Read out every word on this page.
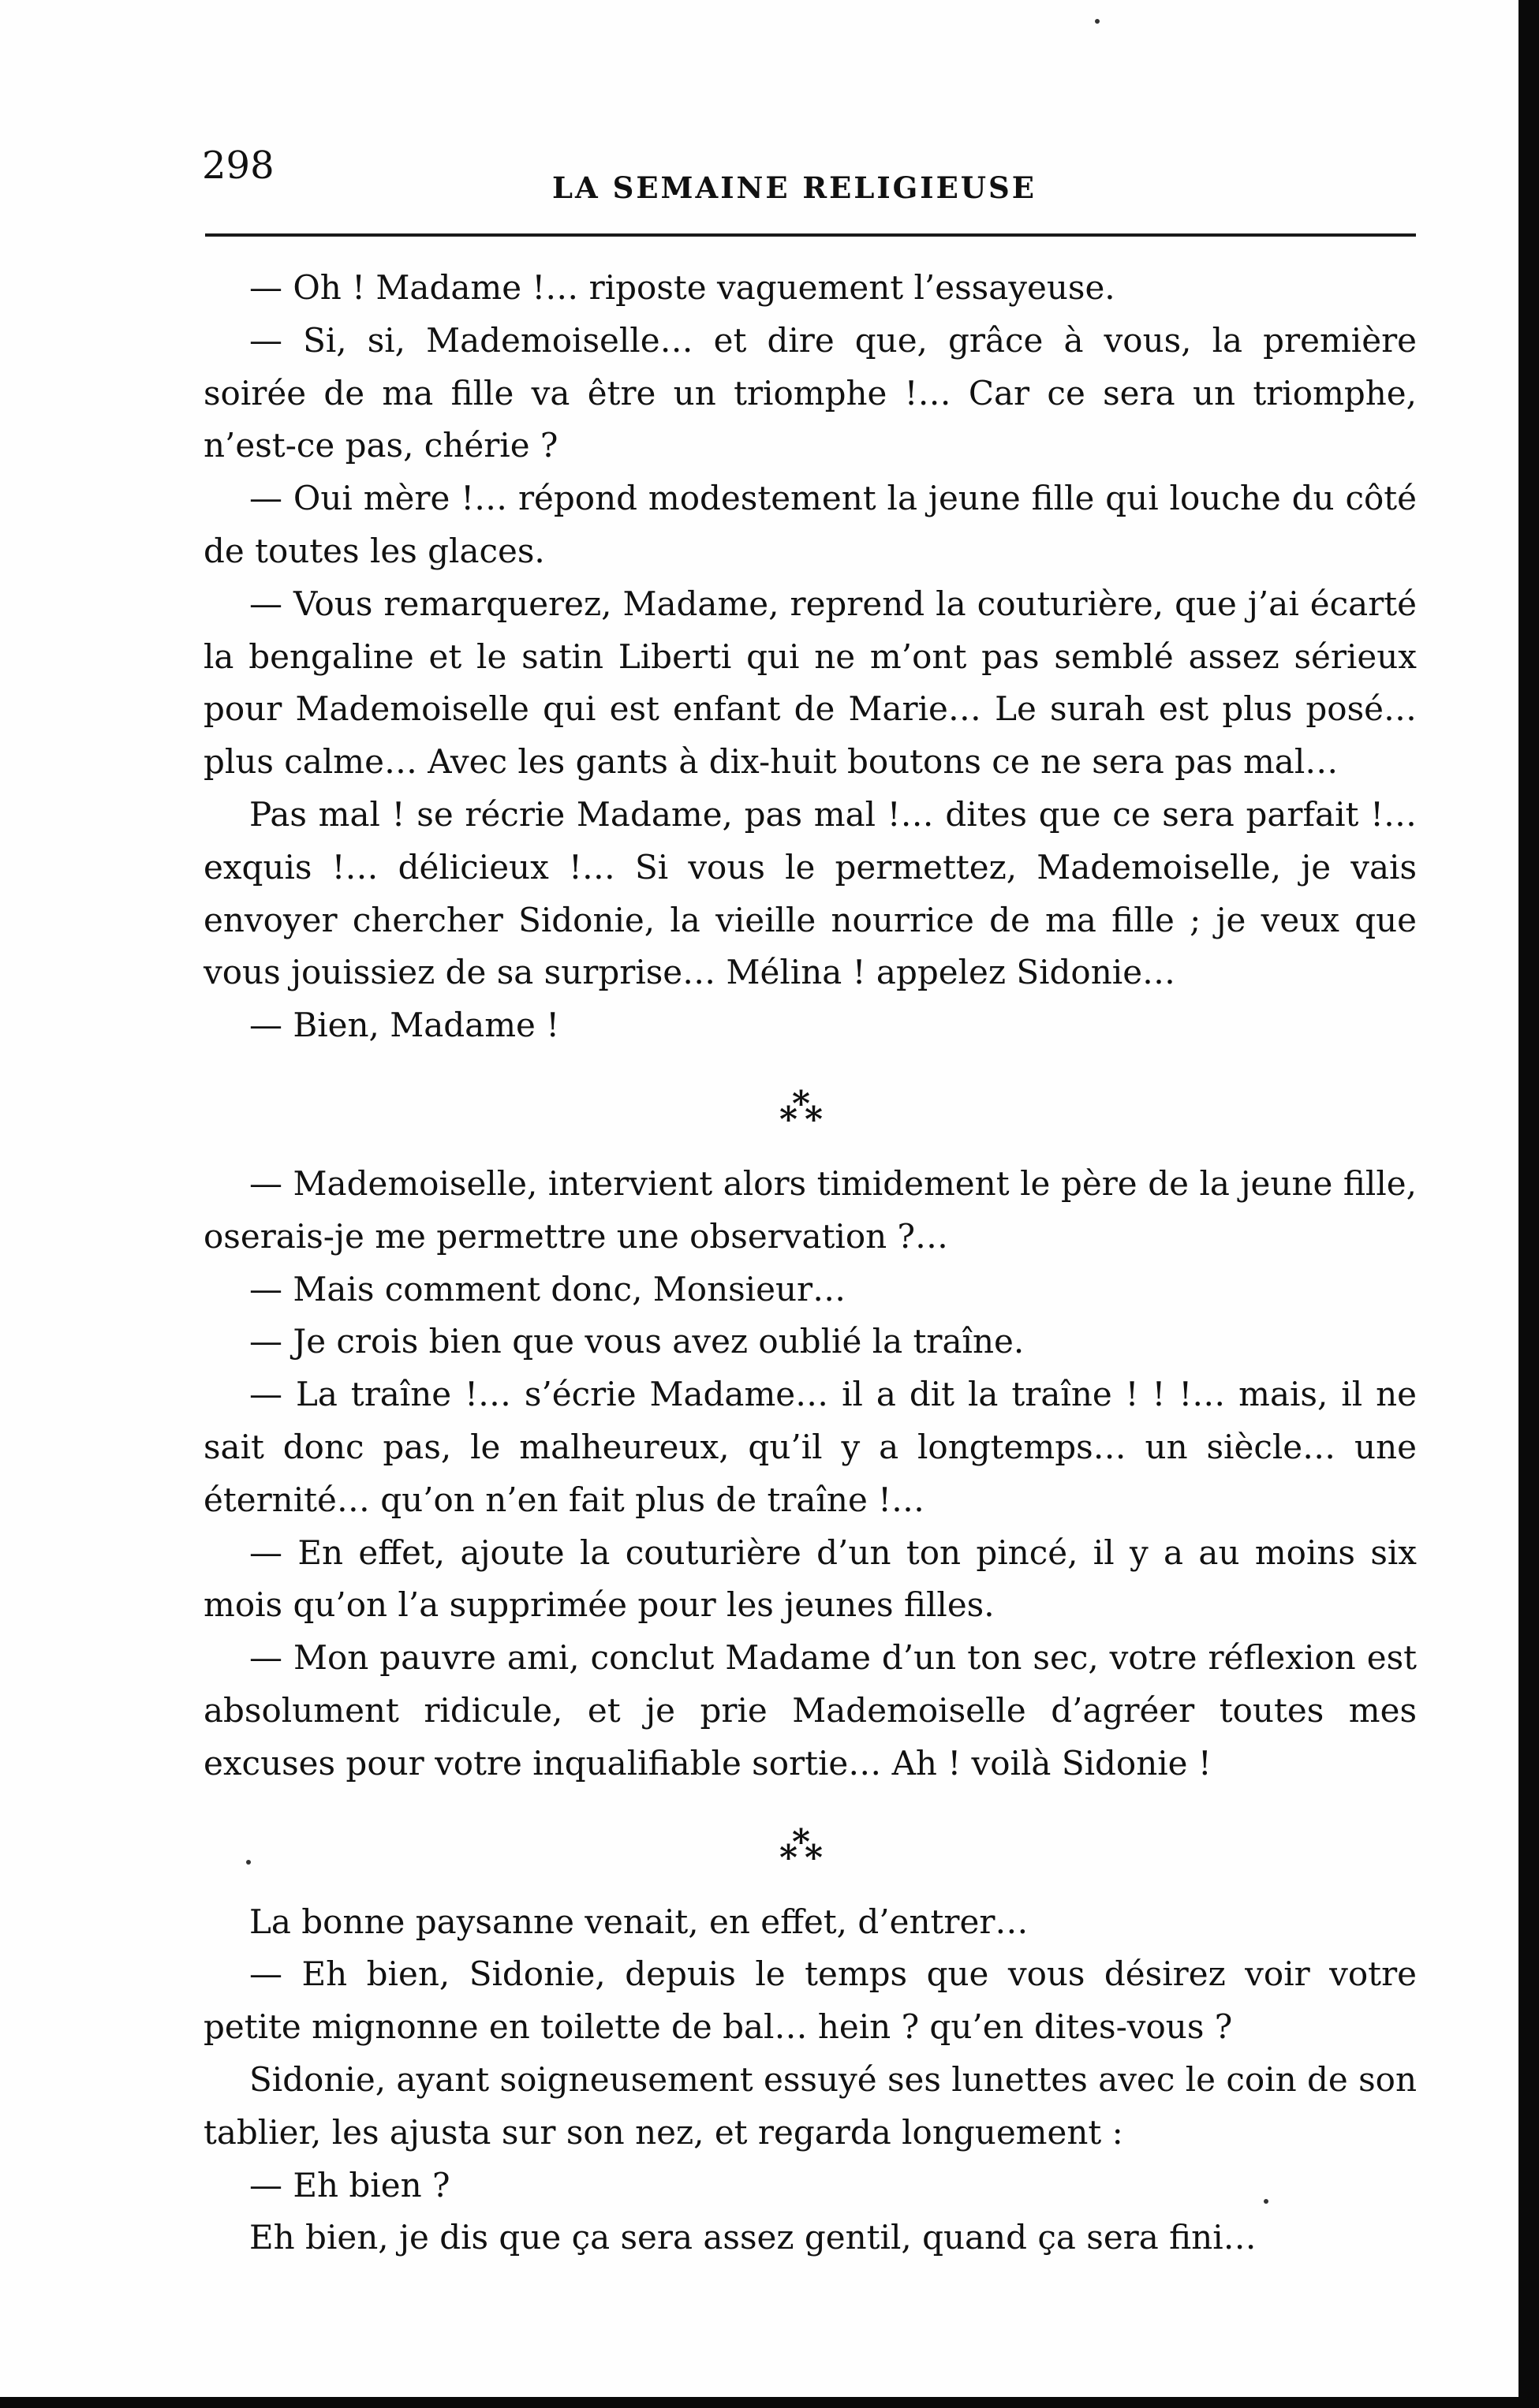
298	LA SEMAINE RELIGIEUSE

— Oh ! Madame !… riposte vaguement l’essayeuse.

— Si, si, Mademoiselle… et dire que, grâce à vous, la première soirée de ma fille va être un triomphe !… Car ce sera un triomphe, n’est-ce pas, chérie ?

— Oui mère !… répond modestement la jeune fille qui louche du côté de toutes les glaces.

— Vous remarquerez, Madame, reprend la couturière, que j’ai écarté la bengaline et le satin Liberti qui ne m’ont pas semblé assez sérieux pour Mademoiselle qui est enfant de Marie… Le surah est plus posé… plus calme… Avec les gants à dix-huit boutons ce ne sera pas mal…

Pas mal ! se récrie Madame, pas mal !… dites que ce sera parfait !… exquis !… délicieux !… Si vous le permettez, Mademoiselle, je vais envoyer chercher Sidonie, la vieille nourrice de ma fille ; je veux que vous jouissiez de sa surprise… Mélina ! appelez Sidonie…

— Bien, Madame !

*
* *

— Mademoiselle, intervient alors timidement le père de la jeune fille, oserais-je me permettre une observation ?…

— Mais comment donc, Monsieur…

— Je crois bien que vous avez oublié la traîne.

— La traîne !… s’écrie Madame… il a dit la traîne ! ! !… mais, il ne sait donc pas, le malheureux, qu’il y a longtemps… un siècle… une éternité… qu’on n’en fait plus de traîne !…

— En effet, ajoute la couturière d’un ton pincé, il y a au moins six mois qu’on l’a supprimée pour les jeunes filles.

— Mon pauvre ami, conclut Madame d’un ton sec, votre réflexion est absolument ridicule, et je prie Mademoiselle d’agréer toutes mes excuses pour votre inqualifiable sortie… Ah ! voilà Sidonie !

*
* *

La bonne paysanne venait, en effet, d’entrer…

— Eh bien, Sidonie, depuis le temps que vous désirez voir votre petite mignonne en toilette de bal… hein ? qu’en dites-vous ?

Sidonie, ayant soigneusement essuyé ses lunettes avec le coin de son tablier, les ajusta sur son nez, et regarda longuement :

— Eh bien ?

Eh bien, je dis que ça sera assez gentil, quand ça sera fini…
